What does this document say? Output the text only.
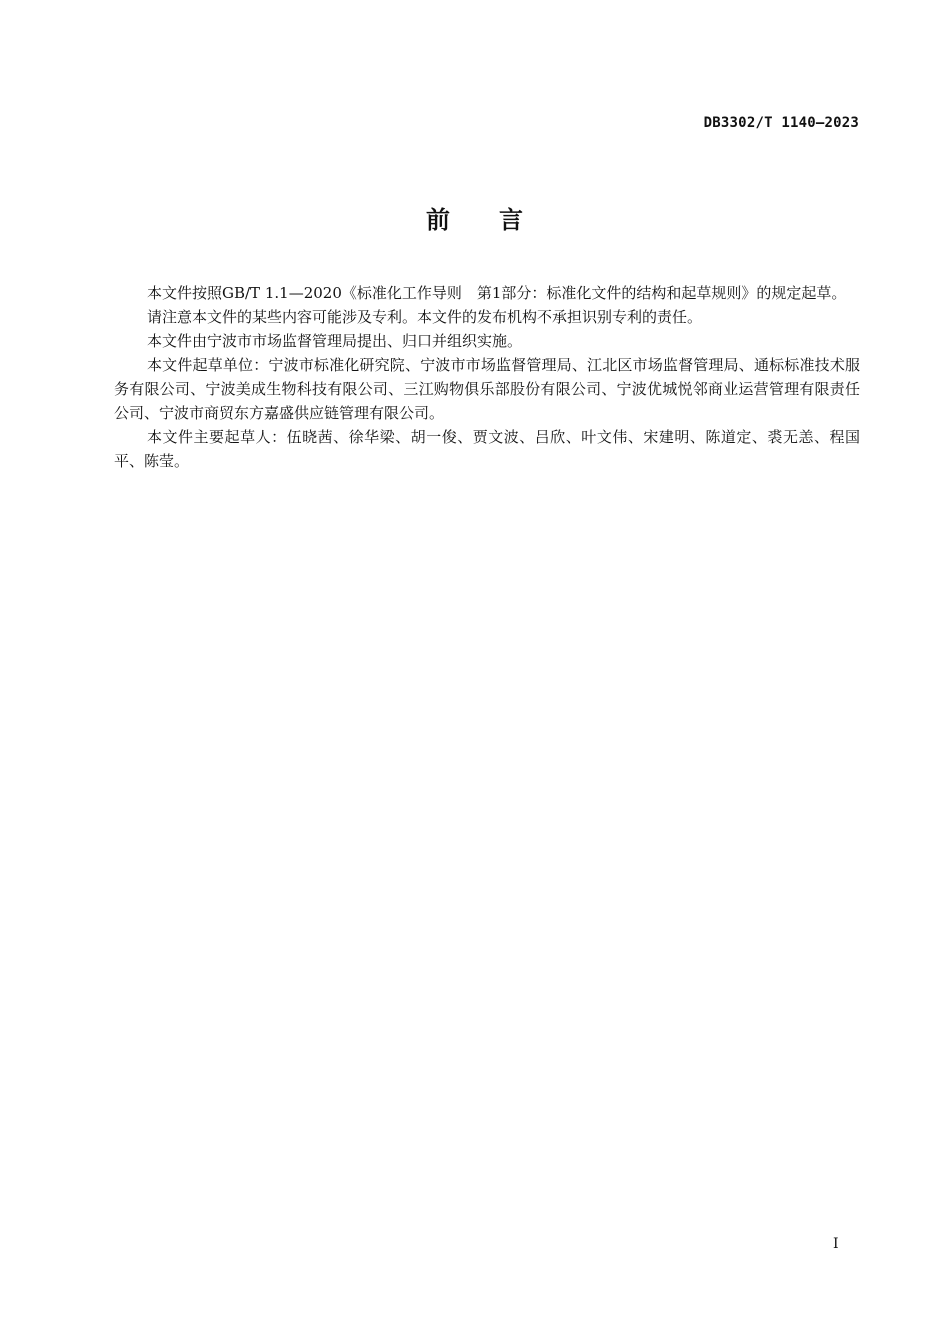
DB3302/T 1140—2023
前 言

本文件按照GB/T 1.1—2020《标准化工作导则　第1部分：标准化文件的结构和起草规则》的规定起草。

请注意本文件的某些内容可能涉及专利。本文件的发布机构不承担识别专利的责任。

本文件由宁波市市场监督管理局提出、归口并组织实施。

本文件起草单位：宁波市标准化研究院、宁波市市场监督管理局、江北区市场监督管理局、通标标准技术服务有限公司、宁波美成生物科技有限公司、三江购物俱乐部股份有限公司、宁波优城悦邻商业运营管理有限责任公司、宁波市商贸东方嘉盛供应链管理有限公司。

本文件主要起草人：伍晓茜、徐华梁、胡一俊、贾文波、吕欣、叶文伟、宋建明、陈道定、裘无恙、程国平、陈莹。

I
